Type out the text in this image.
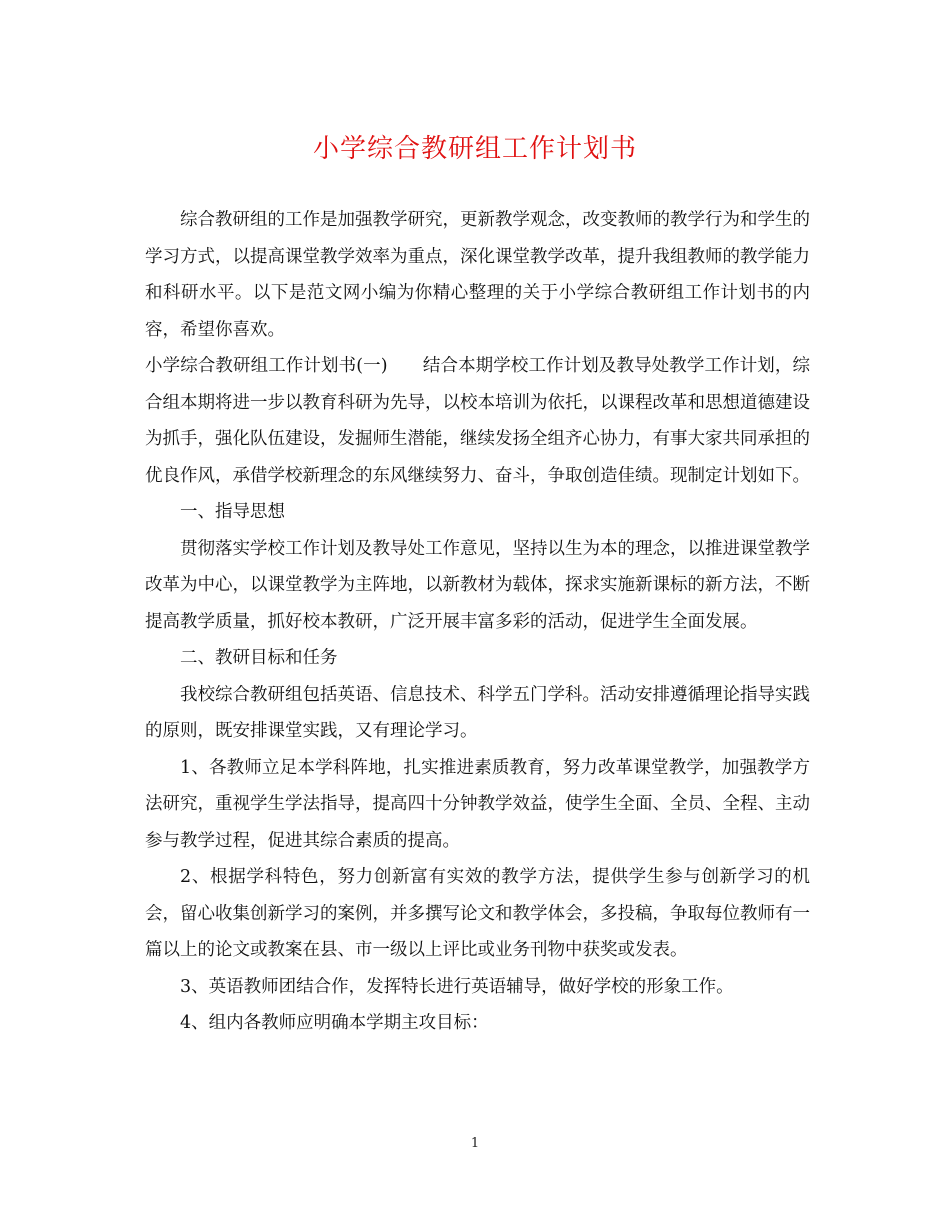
小学综合教研组工作计划书

综合教研组的工作是加强教学研究，更新教学观念，改变教师的教学行为和学生的学习方式，以提高课堂教学效率为重点，深化课堂教学改革，提升我组教师的教学能力和科研水平。以下是范文网小编为你精心整理的关于小学综合教研组工作计划书的内容，希望你喜欢。

小学综合教研组工作计划书(一)　　结合本期学校工作计划及教导处教学工作计划，综合组本期将进一步以教育科研为先导，以校本培训为依托，以课程改革和思想道德建设为抓手，强化队伍建设，发掘师生潜能，继续发扬全组齐心协力，有事大家共同承担的优良作风，承借学校新理念的东风继续努力、奋斗，争取创造佳绩。现制定计划如下。

一、指导思想

贯彻落实学校工作计划及教导处工作意见，坚持以生为本的理念，以推进课堂教学改革为中心，以课堂教学为主阵地，以新教材为载体，探求实施新课标的新方法，不断提高教学质量，抓好校本教研，广泛开展丰富多彩的活动，促进学生全面发展。

二、教研目标和任务

我校综合教研组包括英语、信息技术、科学五门学科。活动安排遵循理论指导实践的原则，既安排课堂实践，又有理论学习。

1、各教师立足本学科阵地，扎实推进素质教育，努力改革课堂教学，加强教学方法研究，重视学生学法指导，提高四十分钟教学效益，使学生全面、全员、全程、主动参与教学过程，促进其综合素质的提高。

2、根据学科特色，努力创新富有实效的教学方法，提供学生参与创新学习的机会，留心收集创新学习的案例，并多撰写论文和教学体会，多投稿，争取每位教师有一篇以上的论文或教案在县、市一级以上评比或业务刊物中获奖或发表。

3、英语教师团结合作，发挥特长进行英语辅导，做好学校的形象工作。

4、组内各教师应明确本学期主攻目标：

1
